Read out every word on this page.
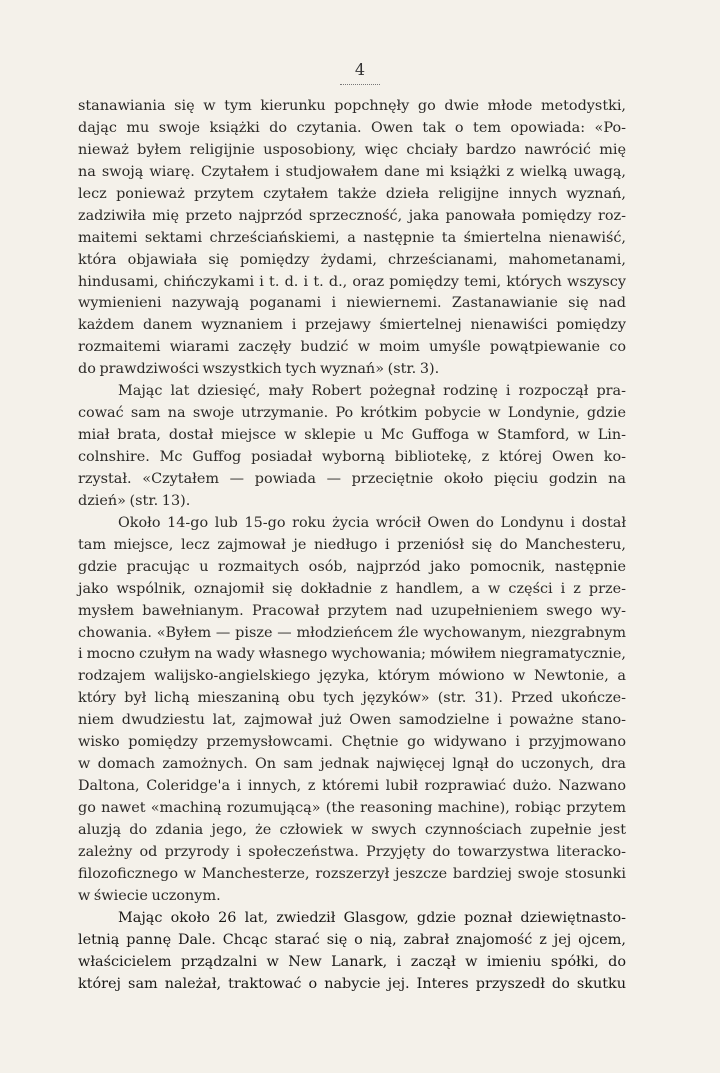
4
stanawiania się w tym kierunku popchnęły go dwie młode metodystki,
dając mu swoje książki do czytania. Owen tak o tem opowiada: «Po-
nieważ byłem religijnie usposobiony, więc chciały bardzo nawrócić mię
na swoją wiarę. Czytałem i studjowałem dane mi książki z wielką uwagą,
lecz ponieważ przytem czytałem także dzieła religijne innych wyznań,
zadziwiła mię przeto najprzód sprzeczność, jaka panowała pomiędzy roz-
maitemi sektami chrześciańskiemi, a następnie ta śmiertelna nienawiść,
która objawiała się pomiędzy żydami, chrześcianami, mahometanami,
hindusami, chińczykami i t. d. i t. d., oraz pomiędzy temi, których wszyscy
wymienieni nazywają poganami i niewiernemi. Zastanawianie się nad
każdem danem wyznaniem i przejawy śmiertelnej nienawiści pomiędzy
rozmaitemi wiarami zaczęły budzić w moim umyśle powątpiewanie co
do prawdziwości wszystkich tych wyznań» (str. 3).
Mając lat dziesięć, mały Robert pożegnał rodzinę i rozpoczął pra-
cować sam na swoje utrzymanie. Po krótkim pobycie w Londynie, gdzie
miał brata, dostał miejsce w sklepie u Mc Guffoga w Stamford, w Lin-
colnshire. Mc Guffog posiadał wyborną bibliotekę, z której Owen ko-
rzystał. «Czytałem — powiada — przeciętnie około pięciu godzin na
dzień» (str. 13).
Około 14-go lub 15-go roku życia wrócił Owen do Londynu i dostał
tam miejsce, lecz zajmował je niedługo i przeniósł się do Manchesteru,
gdzie pracując u rozmaitych osób, najprzód jako pomocnik, następnie
jako wspólnik, oznajomił się dokładnie z handlem, a w części i z prze-
mysłem bawełnianym. Pracował przytem nad uzupełnieniem swego wy-
chowania. «Byłem — pisze — młodzieńcem źle wychowanym, niezgrabnym
i mocno czułym na wady własnego wychowania; mówiłem niegramatycznie,
rodzajem walijsko-angielskiego języka, którym mówiono w Newtonie, a
który był lichą mieszaniną obu tych języków» (str. 31). Przed ukończe-
niem dwudziestu lat, zajmował już Owen samodzielne i poważne stano-
wisko pomiędzy przemysłowcami. Chętnie go widywano i przyjmowano
w domach zamożnych. On sam jednak najwięcej lgnął do uczonych, dra
Daltona, Coleridge'a i innych, z któremi lubił rozprawiać dużo. Nazwano
go nawet «machiną rozumującą» (the reasoning machine), robiąc przytem
aluzją do zdania jego, że człowiek w swych czynnościach zupełnie jest
zależny od przyrody i społeczeństwa. Przyjęty do towarzystwa literacko-
filozoficznego w Manchesterze, rozszerzył jeszcze bardziej swoje stosunki
w świecie uczonym.
Mając około 26 lat, zwiedził Glasgow, gdzie poznał dziewiętnasto-
letnią pannę Dale. Chcąc starać się o nią, zabrał znajomość z jej ojcem,
właścicielem prządzalni w New Lanark, i zaczął w imieniu spółki, do
której sam należał, traktować o nabycie jej. Interes przyszedł do skutku
